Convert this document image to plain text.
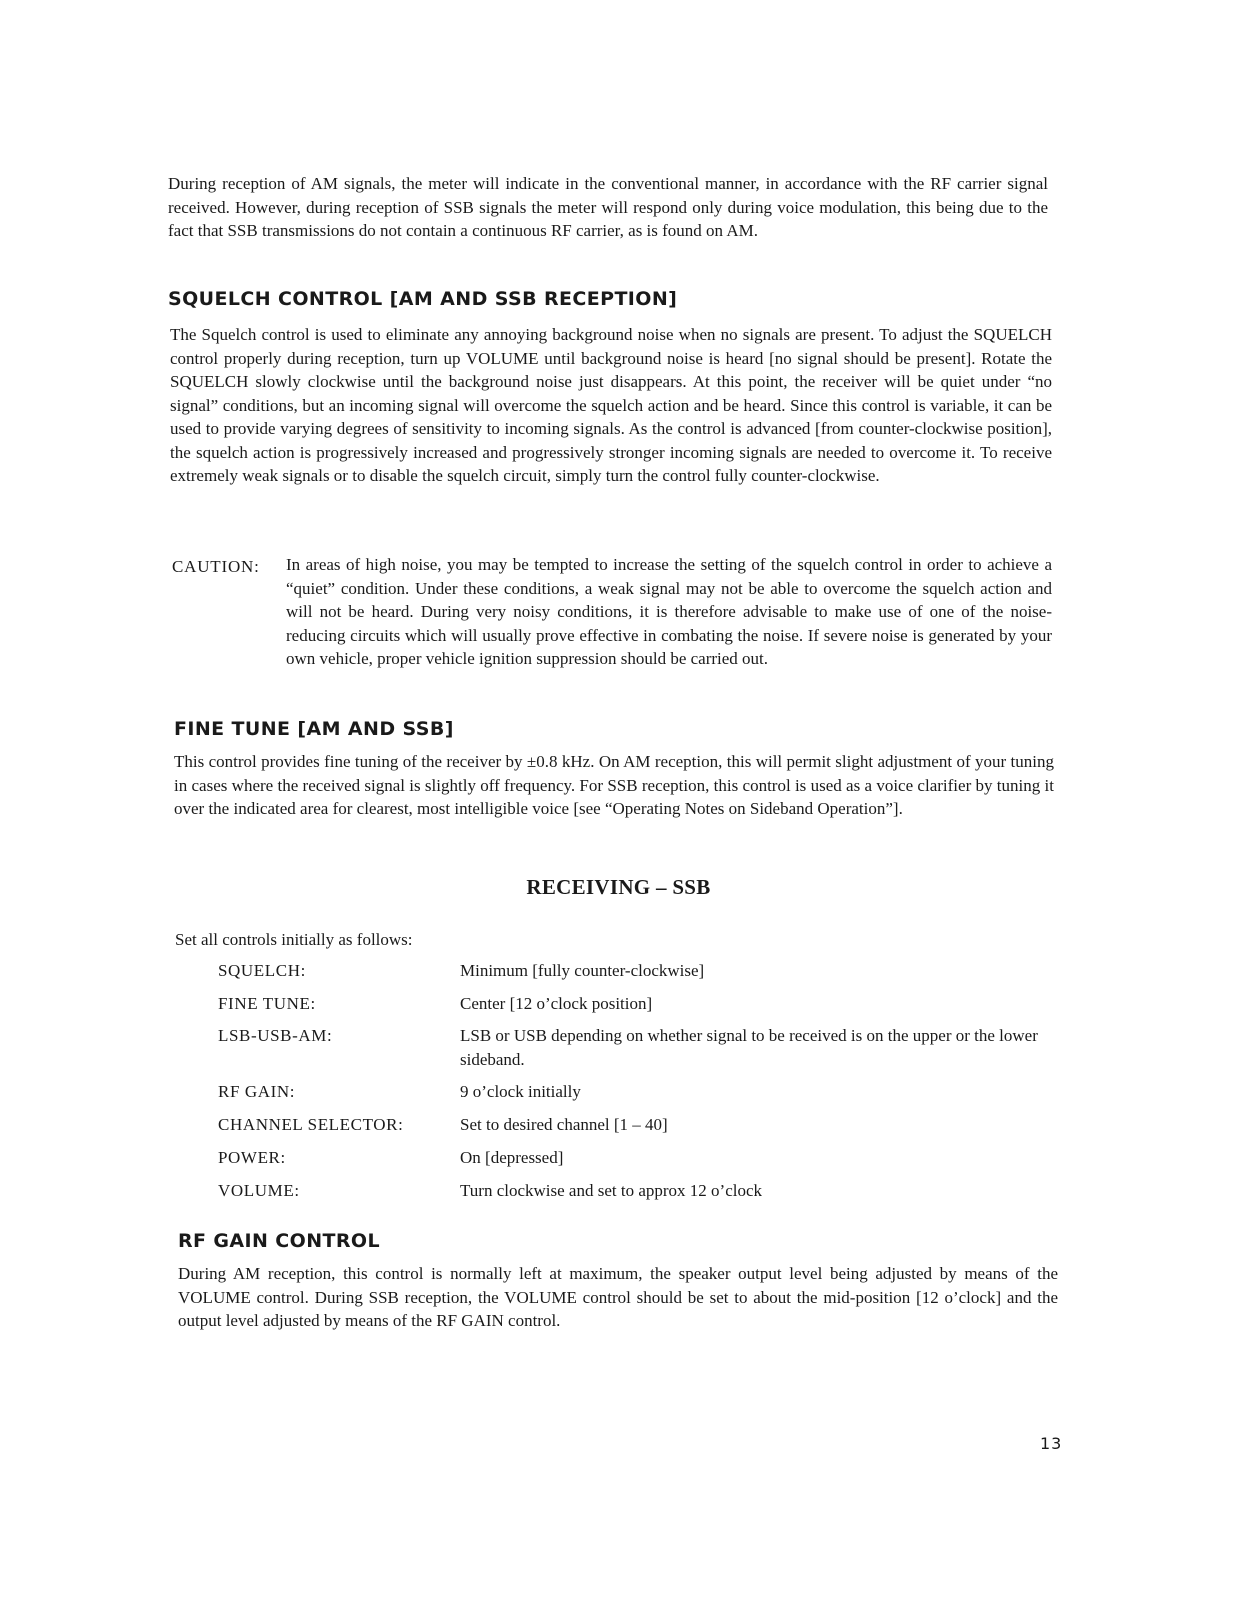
During reception of AM signals, the meter will indicate in the conventional manner, in accordance with the RF carrier signal received. However, during reception of SSB signals the meter will respond only during voice modulation, this being due to the fact that SSB transmissions do not contain a continuous RF carrier, as is found on AM.

SQUELCH CONTROL [AM AND SSB RECEPTION]

The Squelch control is used to eliminate any annoying background noise when no signals are present. To adjust the SQUELCH control properly during reception, turn up VOLUME until background noise is heard [no signal should be present]. Rotate the SQUELCH slowly clockwise until the background noise just disappears. At this point, the receiver will be quiet under “no signal” conditions, but an incoming signal will overcome the squelch action and be heard. Since this control is variable, it can be used to provide varying degrees of sensitivity to incoming signals. As the control is advanced [from counter-clockwise position], the squelch action is progressively increased and progressively stronger incoming signals are needed to overcome it. To receive extremely weak signals or to disable the squelch circuit, simply turn the control fully counter-clockwise.

CAUTION: In areas of high noise, you may be tempted to increase the setting of the squelch control in order to achieve a “quiet” condition. Under these conditions, a weak signal may not be able to overcome the squelch action and will not be heard. During very noisy conditions, it is therefore advisable to make use of one of the noise-reducing circuits which will usually prove effective in combating the noise. If severe noise is generated by your own vehicle, proper vehicle ignition suppression should be carried out.

FINE TUNE [AM AND SSB]

This control provides fine tuning of the receiver by ±0.8 kHz. On AM reception, this will permit slight adjustment of your tuning in cases where the received signal is slightly off frequency. For SSB reception, this control is used as a voice clarifier by tuning it over the indicated area for clearest, most intelligible voice [see “Operating Notes on Sideband Operation”].

RECEIVING – SSB

Set all controls initially as follows:

SQUELCH:	Minimum [fully counter-clockwise]
FINE TUNE:	Center [12 o’clock position]
LSB-USB-AM:	LSB or USB depending on whether signal to be received is on the upper or the lower sideband.
RF GAIN:	9 o’clock initially
CHANNEL SELECTOR:	Set to desired channel [1 – 40]
POWER:	On [depressed]
VOLUME:	Turn clockwise and set to approx 12 o’clock
RF GAIN CONTROL

During AM reception, this control is normally left at maximum, the speaker output level being adjusted by means of the VOLUME control. During SSB reception, the VOLUME control should be set to about the mid-position [12 o’clock] and the output level adjusted by means of the RF GAIN control.

13
